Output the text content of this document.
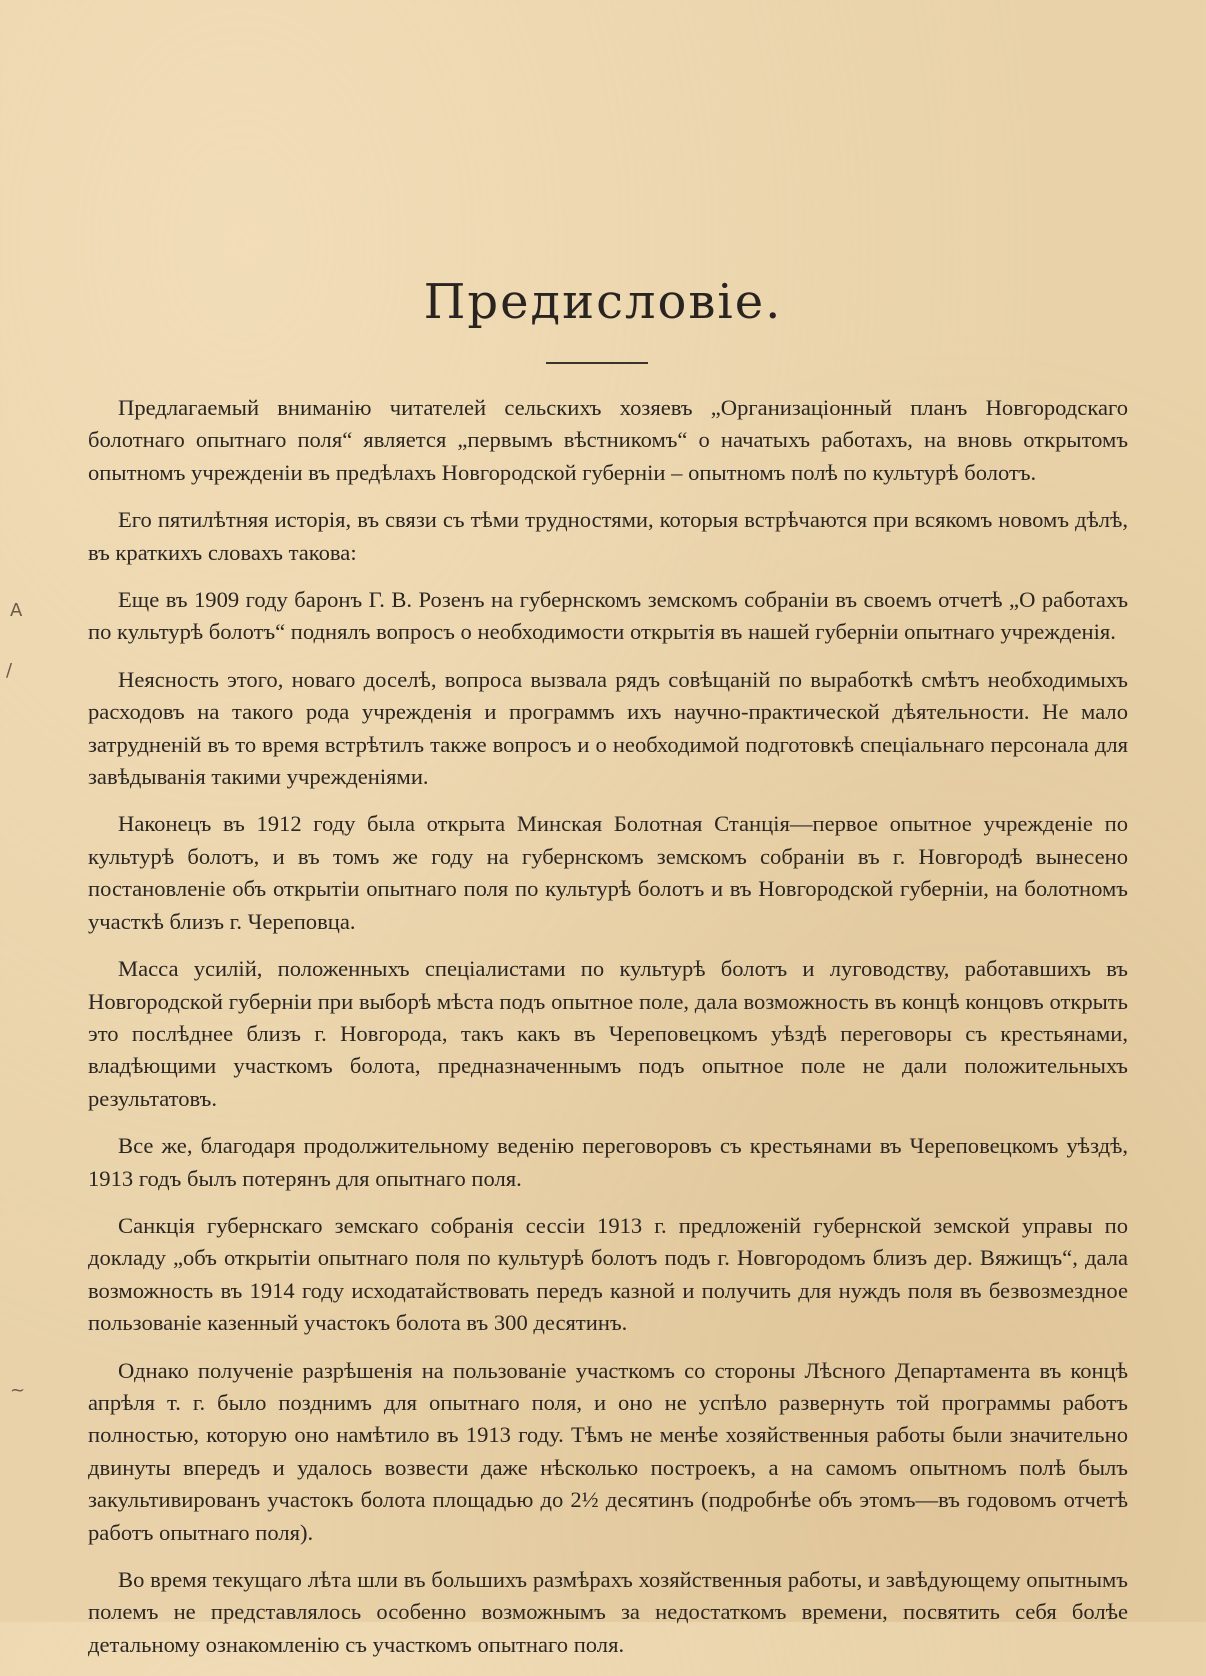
A
/
~
Предисловіе.

Предлагаемый вниманію читателей сельскихъ хозяевъ „Организаціонный планъ Новгородскаго болотнаго опытнаго поля“ является „первымъ вѣстникомъ“ о начатыхъ работахъ, на вновь открытомъ опытномъ учрежденіи въ предѣлахъ Новгородской губерніи – опытномъ полѣ по культурѣ болотъ.

Его пятилѣтняя исторія, въ связи съ тѣми трудностями, которыя встрѣчаются при всякомъ новомъ дѣлѣ, въ краткихъ словахъ такова:

Еще въ 1909 году баронъ Г. В. Розенъ на губернскомъ земскомъ собраніи въ своемъ отчетѣ „О работахъ по культурѣ болотъ“ поднялъ вопросъ о необходимости открытія въ нашей губерніи опытнаго учрежденія.

Неясность этого, новаго доселѣ, вопроса вызвала рядъ совѣщаній по выработкѣ смѣтъ необходимыхъ расходовъ на такого рода учрежденія и программъ ихъ научно-практической дѣятельности. Не мало затрудненій въ то время встрѣтилъ также вопросъ и о необходимой подготовкѣ спеціальнаго персонала для завѣдыванія такими учрежденіями.

Наконецъ въ 1912 году была открыта Минская Болотная Станція—первое опытное учрежденіе по культурѣ болотъ, и въ томъ же году на губернскомъ земскомъ собраніи въ г. Новгородѣ вынесено постановленіе объ открытіи опытнаго поля по культурѣ болотъ и въ Новгородской губерніи, на болотномъ участкѣ близъ г. Череповца.

Масса усилій, положенныхъ спеціалистами по культурѣ болотъ и луговодству, работавшихъ въ Новгородской губерніи при выборѣ мѣста подъ опытное поле, дала возможность въ концѣ концовъ открыть это послѣднее близъ г. Новгорода, такъ какъ въ Череповецкомъ уѣздѣ переговоры съ крестьянами, владѣющими участкомъ болота, предназначеннымъ подъ опытное поле не дали положительныхъ результатовъ.

Все же, благодаря продолжительному веденію переговоровъ съ крестьянами въ Череповецкомъ уѣздѣ, 1913 годъ былъ потерянъ для опытнаго поля.

Санкція губернскаго земскаго собранія сессіи 1913 г. предложеній губернской земской управы по докладу „объ открытіи опытнаго поля по культурѣ болотъ подъ г. Новгородомъ близъ дер. Вяжищъ“, дала возможность въ 1914 году исходатайствовать передъ казной и получить для нуждъ поля въ безвозмездное пользованіе казенный участокъ болота въ 300 десятинъ.

Однако полученіе разрѣшенія на пользованіе участкомъ со стороны Лѣсного Департамента въ концѣ апрѣля т. г. было позднимъ для опытнаго поля, и оно не успѣло развернуть той программы работъ полностью, которую оно намѣтило въ 1913 году. Тѣмъ не менѣе хозяйственныя работы были значительно двинуты впередъ и удалось возвести даже нѣсколько построекъ, а на самомъ опытномъ полѣ былъ закультивированъ участокъ болота площадью до 2½ десятинъ (подробнѣе объ этомъ—въ годовомъ отчетѣ работъ опытнаго поля).

Во время текущаго лѣта шли въ большихъ размѣрахъ хозяйственныя работы, и завѣдующему опытнымъ полемъ не представлялось особенно возможнымъ за недостаткомъ времени, посвятить себя болѣе детальному ознакомленію съ участкомъ опытнаго поля.
